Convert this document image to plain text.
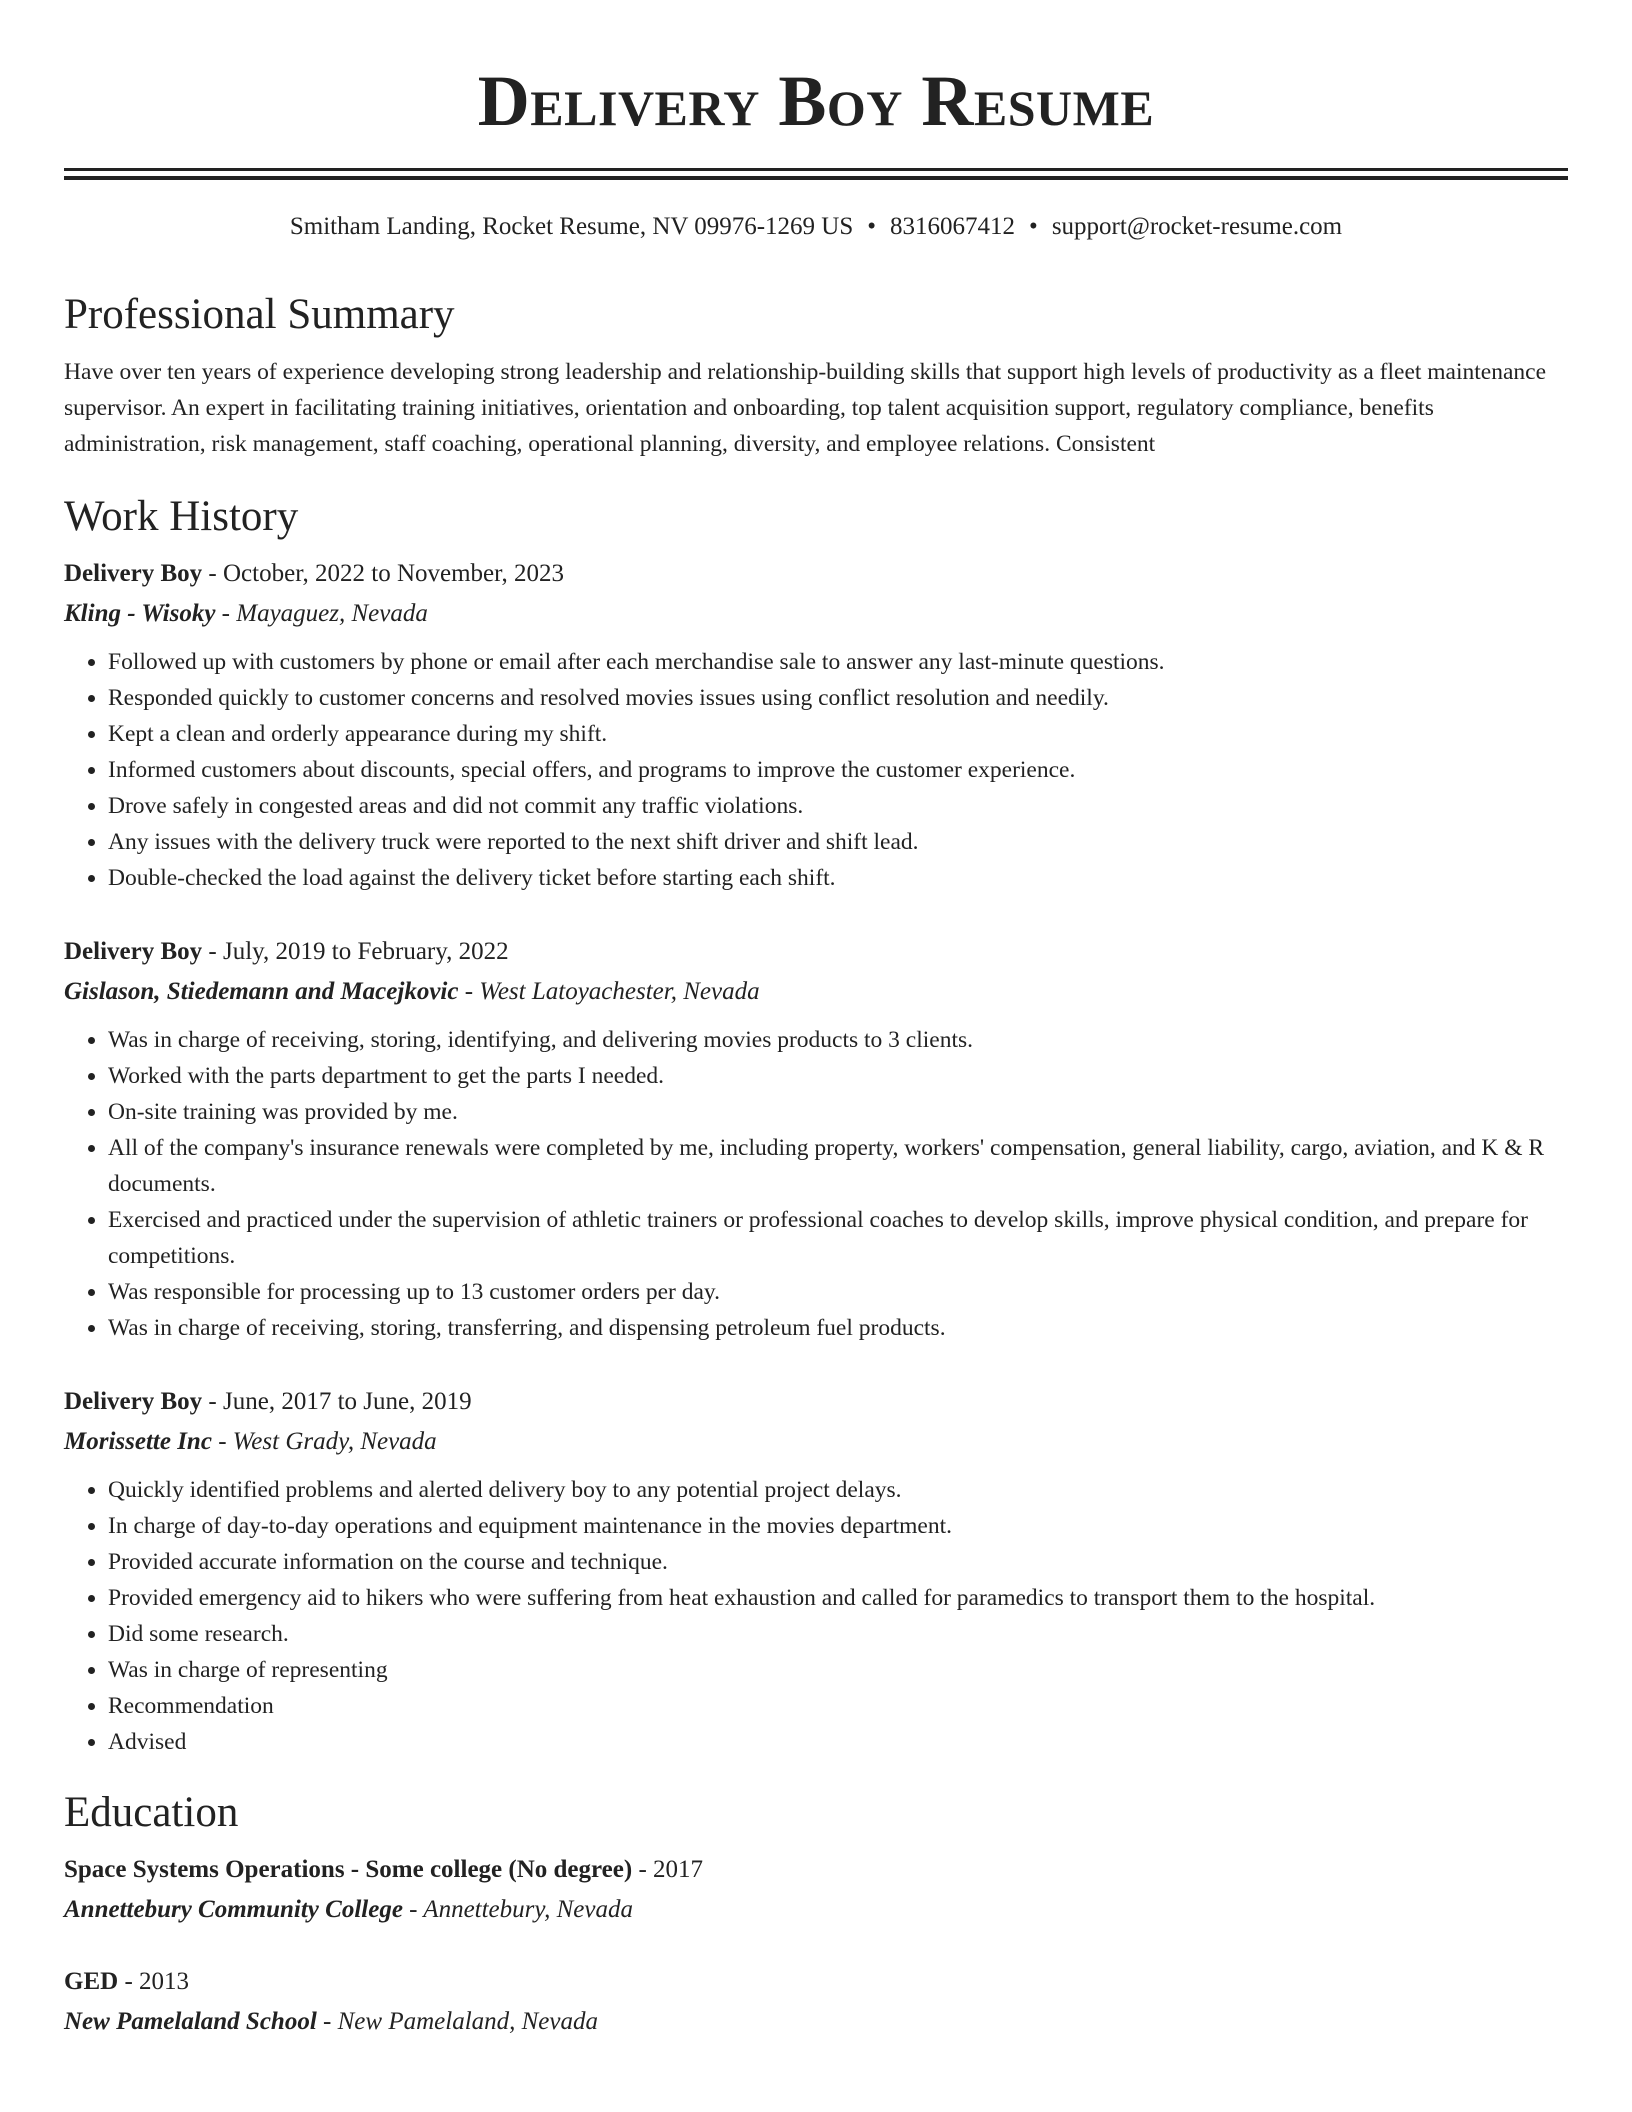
Delivery Boy Resume
Smitham Landing, Rocket Resume, NV 09976-1269 US • 8316067412 • support@rocket-resume.com
Professional Summary

Have over ten years of experience developing strong leadership and relationship-building skills that support high levels of productivity as a fleet maintenance supervisor. An expert in facilitating training initiatives, orientation and onboarding, top talent acquisition support, regulatory compliance, benefits administration, risk management, staff coaching, operational planning, diversity, and employee relations. Consistent

Work History
Delivery Boy - October, 2022 to November, 2023
Kling - Wisoky - Mayaguez, Nevada
• Followed up with customers by phone or email after each merchandise sale to answer any last-minute questions.
• Responded quickly to customer concerns and resolved movies issues using conflict resolution and needily.
• Kept a clean and orderly appearance during my shift.
• Informed customers about discounts, special offers, and programs to improve the customer experience.
• Drove safely in congested areas and did not commit any traffic violations.
• Any issues with the delivery truck were reported to the next shift driver and shift lead.
• Double-checked the load against the delivery ticket before starting each shift.
Delivery Boy - July, 2019 to February, 2022
Gislason, Stiedemann and Macejkovic - West Latoyachester, Nevada
• Was in charge of receiving, storing, identifying, and delivering movies products to 3 clients.
• Worked with the parts department to get the parts I needed.
• On-site training was provided by me.
• All of the company's insurance renewals were completed by me, including property, workers' compensation, general liability, cargo, aviation, and K & R documents.
• Exercised and practiced under the supervision of athletic trainers or professional coaches to develop skills, improve physical condition, and prepare for competitions.
• Was responsible for processing up to 13 customer orders per day.
• Was in charge of receiving, storing, transferring, and dispensing petroleum fuel products.
Delivery Boy - June, 2017 to June, 2019
Morissette Inc - West Grady, Nevada
• Quickly identified problems and alerted delivery boy to any potential project delays.
• In charge of day-to-day operations and equipment maintenance in the movies department.
• Provided accurate information on the course and technique.
• Provided emergency aid to hikers who were suffering from heat exhaustion and called for paramedics to transport them to the hospital.
• Did some research.
• Was in charge of representing
• Recommendation
• Advised
Education
Space Systems Operations - Some college (No degree) - 2017
Annettebury Community College - Annettebury, Nevada
GED - 2013
New Pamelaland School - New Pamelaland, Nevada
